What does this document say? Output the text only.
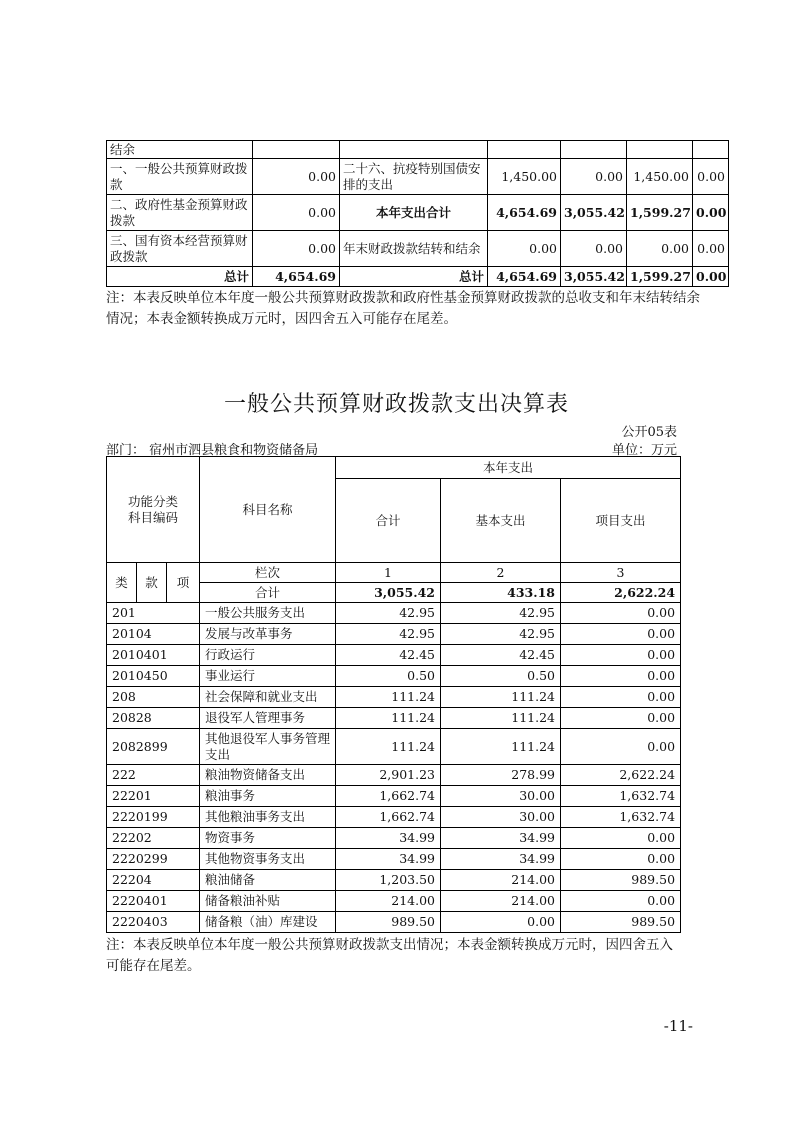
结余						
一、一般公共预算财政拨款	0.00	二十六、抗疫特别国债安排的支出	1,450.00	0.00	1,450.00	0.00
二、政府性基金预算财政拨款	0.00	本年支出合计	4,654.69	3,055.42	1,599.27	0.00
三、国有资本经营预算财政拨款	0.00	年末财政拨款结转和结余	0.00	0.00	0.00	0.00
总计	4,654.69	总计	4,654.69	3,055.42	1,599.27	0.00
注：本表反映单位本年度一般公共预算财政拨款和政府性基金预算财政拨款的总收支和年末结转结余情况；本表金额转换成万元时，因四舍五入可能存在尾差。
一般公共预算财政拨款支出决算表
公开05表
部门： 宿州市泗县粮食和物资储备局	单位：万元
功能分类科目编码			科目名称	本年支出		
				合计	基本支出	项目支出
类	款	项	栏次	1	2	3
			合计	3,055.42	433.18	2,622.24
201			一般公共服务支出	42.95	42.95	0.00
20104			发展与改革事务	42.95	42.95	0.00
2010401			行政运行	42.45	42.45	0.00
2010450			事业运行	0.50	0.50	0.00
208			社会保障和就业支出	111.24	111.24	0.00
20828			退役军人管理事务	111.24	111.24	0.00
2082899			其他退役军人事务管理支出	111.24	111.24	0.00
222			粮油物资储备支出	2,901.23	278.99	2,622.24
22201			粮油事务	1,662.74	30.00	1,632.74
2220199			其他粮油事务支出	1,662.74	30.00	1,632.74
22202			物资事务	34.99	34.99	0.00
2220299			其他物资事务支出	34.99	34.99	0.00
22204			粮油储备	1,203.50	214.00	989.50
2220401			储备粮油补贴	214.00	214.00	0.00
2220403			储备粮（油）库建设	989.50	0.00	989.50
注：本表反映单位本年度一般公共预算财政拨款支出情况；本表金额转换成万元时，因四舍五入可能存在尾差。
-11-
